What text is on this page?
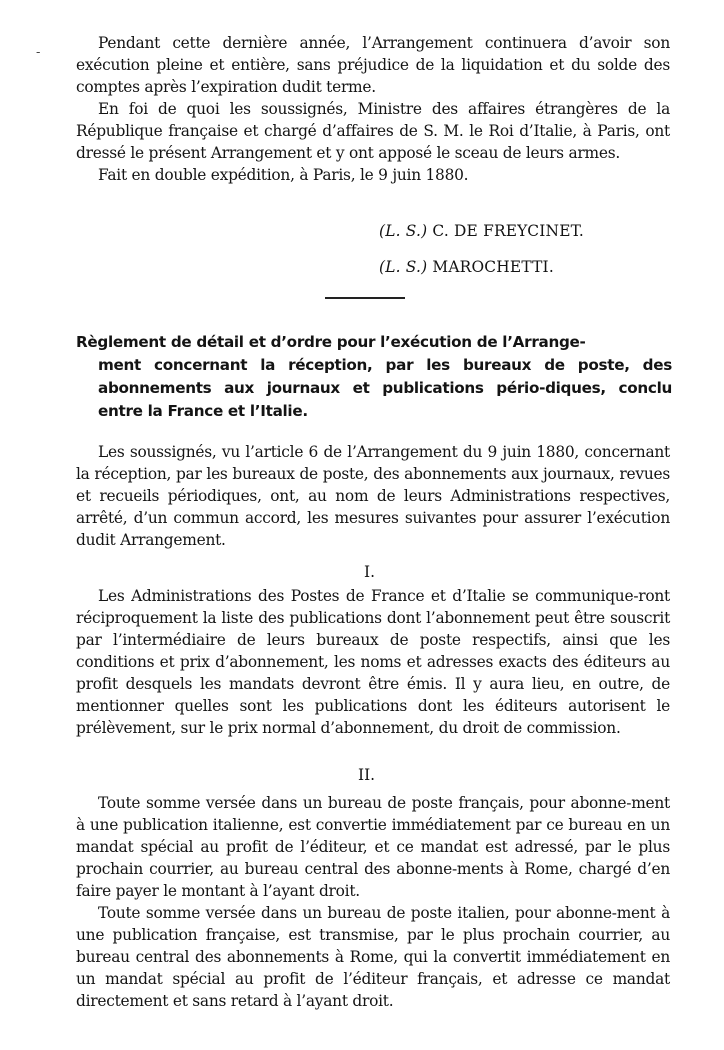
-

Pendant cette dernière année, l’Arrangement continuera d’avoir son exécution pleine et entière, sans préjudice de la liquidation et du solde des comptes après l’expiration dudit terme.

En foi de quoi les soussignés, Ministre des affaires étrangères de la République française et chargé d’affaires de S. M. le Roi d’Italie, à Paris, ont dressé le présent Arrangement et y ont apposé le sceau de leurs armes.

Fait en double expédition, à Paris, le 9 juin 1880.

(L. S.) C. DE FREYCINET.
(L. S.) MAROCHETTI.
Règlement de détail et d’ordre pour l’exécution de l’Arrange-
ment concernant la réception, par les bureaux de poste, des abonnements aux journaux et publications pério-diques, conclu entre la France et l’Italie.

Les soussignés, vu l’article 6 de l’Arrangement du 9 juin 1880, concernant la réception, par les bureaux de poste, des abonnements aux journaux, revues et recueils périodiques, ont, au nom de leurs Administrations respectives, arrêté, d’un commun accord, les mesures suivantes pour assurer l’exécution dudit Arrangement.

I.

Les Administrations des Postes de France et d’Italie se communique-ront réciproquement la liste des publications dont l’abonnement peut être souscrit par l’intermédiaire de leurs bureaux de poste respectifs, ainsi que les conditions et prix d’abonnement, les noms et adresses exacts des éditeurs au profit desquels les mandats devront être émis. Il y aura lieu, en outre, de mentionner quelles sont les publications dont les éditeurs autorisent le prélèvement, sur le prix normal d’abonnement, du droit de commission.

II.

Toute somme versée dans un bureau de poste français, pour abonne-ment à une publication italienne, est convertie immédiatement par ce bureau en un mandat spécial au profit de l’éditeur, et ce mandat est adressé, par le plus prochain courrier, au bureau central des abonne-ments à Rome, chargé d’en faire payer le montant à l’ayant droit.

Toute somme versée dans un bureau de poste italien, pour abonne-ment à une publication française, est transmise, par le plus prochain courrier, au bureau central des abonnements à Rome, qui la convertit immédiatement en un mandat spécial au profit de l’éditeur français, et adresse ce mandat directement et sans retard à l’ayant droit.
